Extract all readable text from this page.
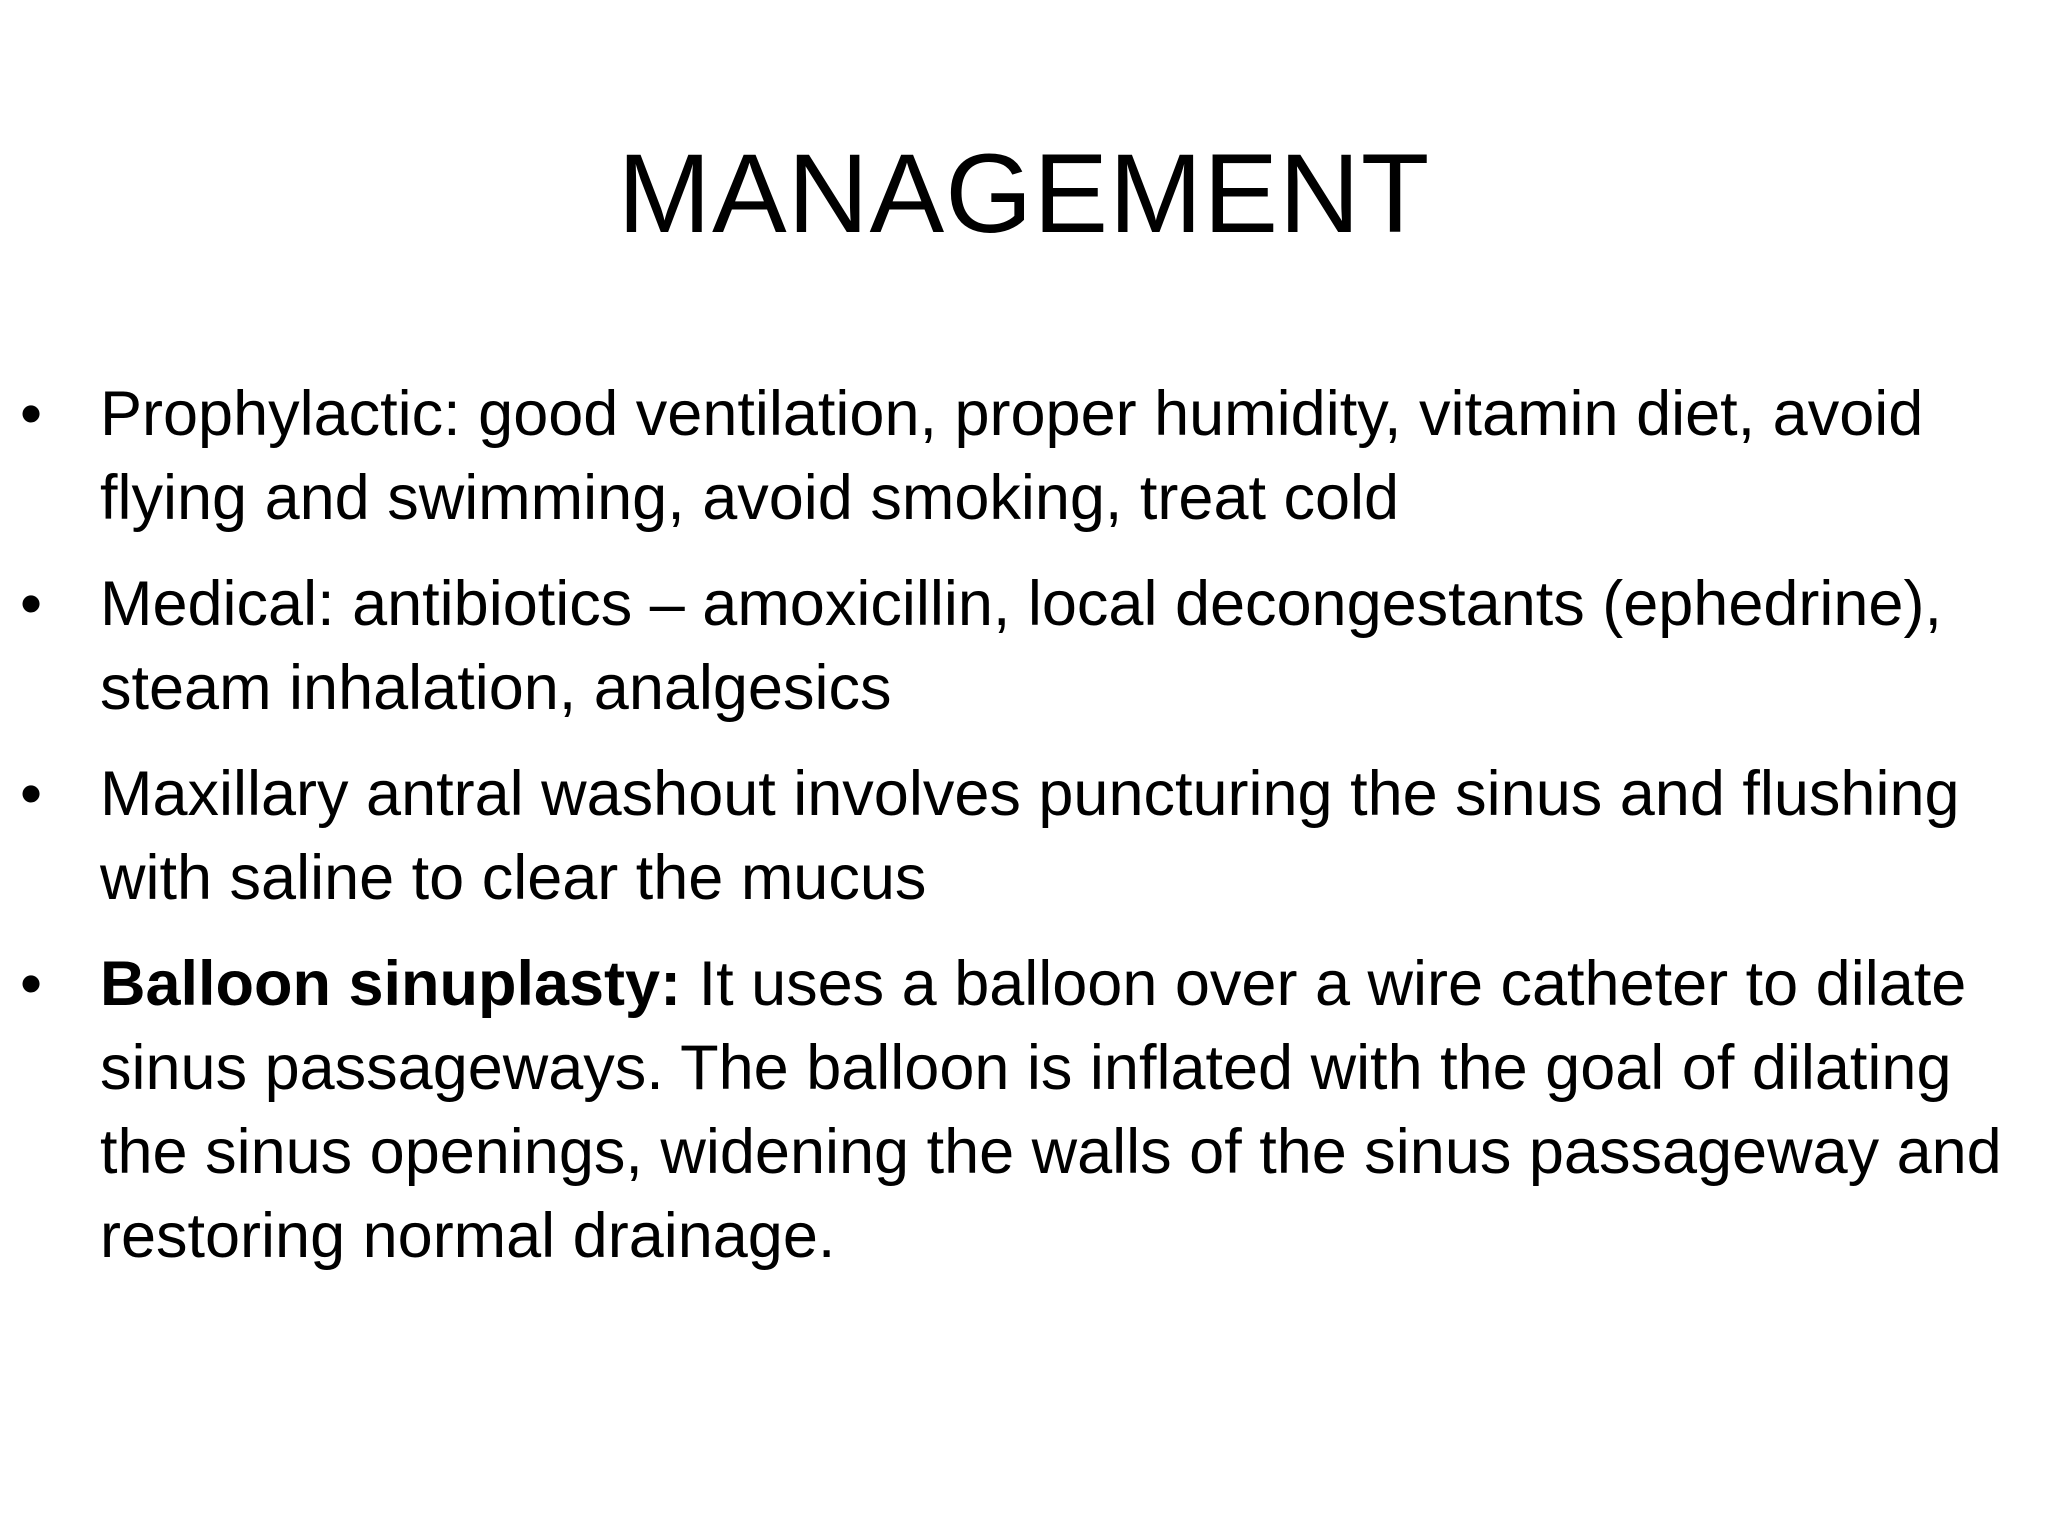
MANAGEMENT
• Prophylactic: good ventilation, proper humidity, vitamin diet, avoid flying and swimming, avoid smoking, treat cold
• Medical: antibiotics – amoxicillin, local decongestants (ephedrine), steam inhalation, analgesics
• Maxillary antral washout involves puncturing the sinus and flushing with saline to clear the mucus
• Balloon sinuplasty: It uses a balloon over a wire catheter to dilate sinus passageways. The balloon is inflated with the goal of dilating the sinus openings, widening the walls of the sinus passageway and restoring normal drainage.
